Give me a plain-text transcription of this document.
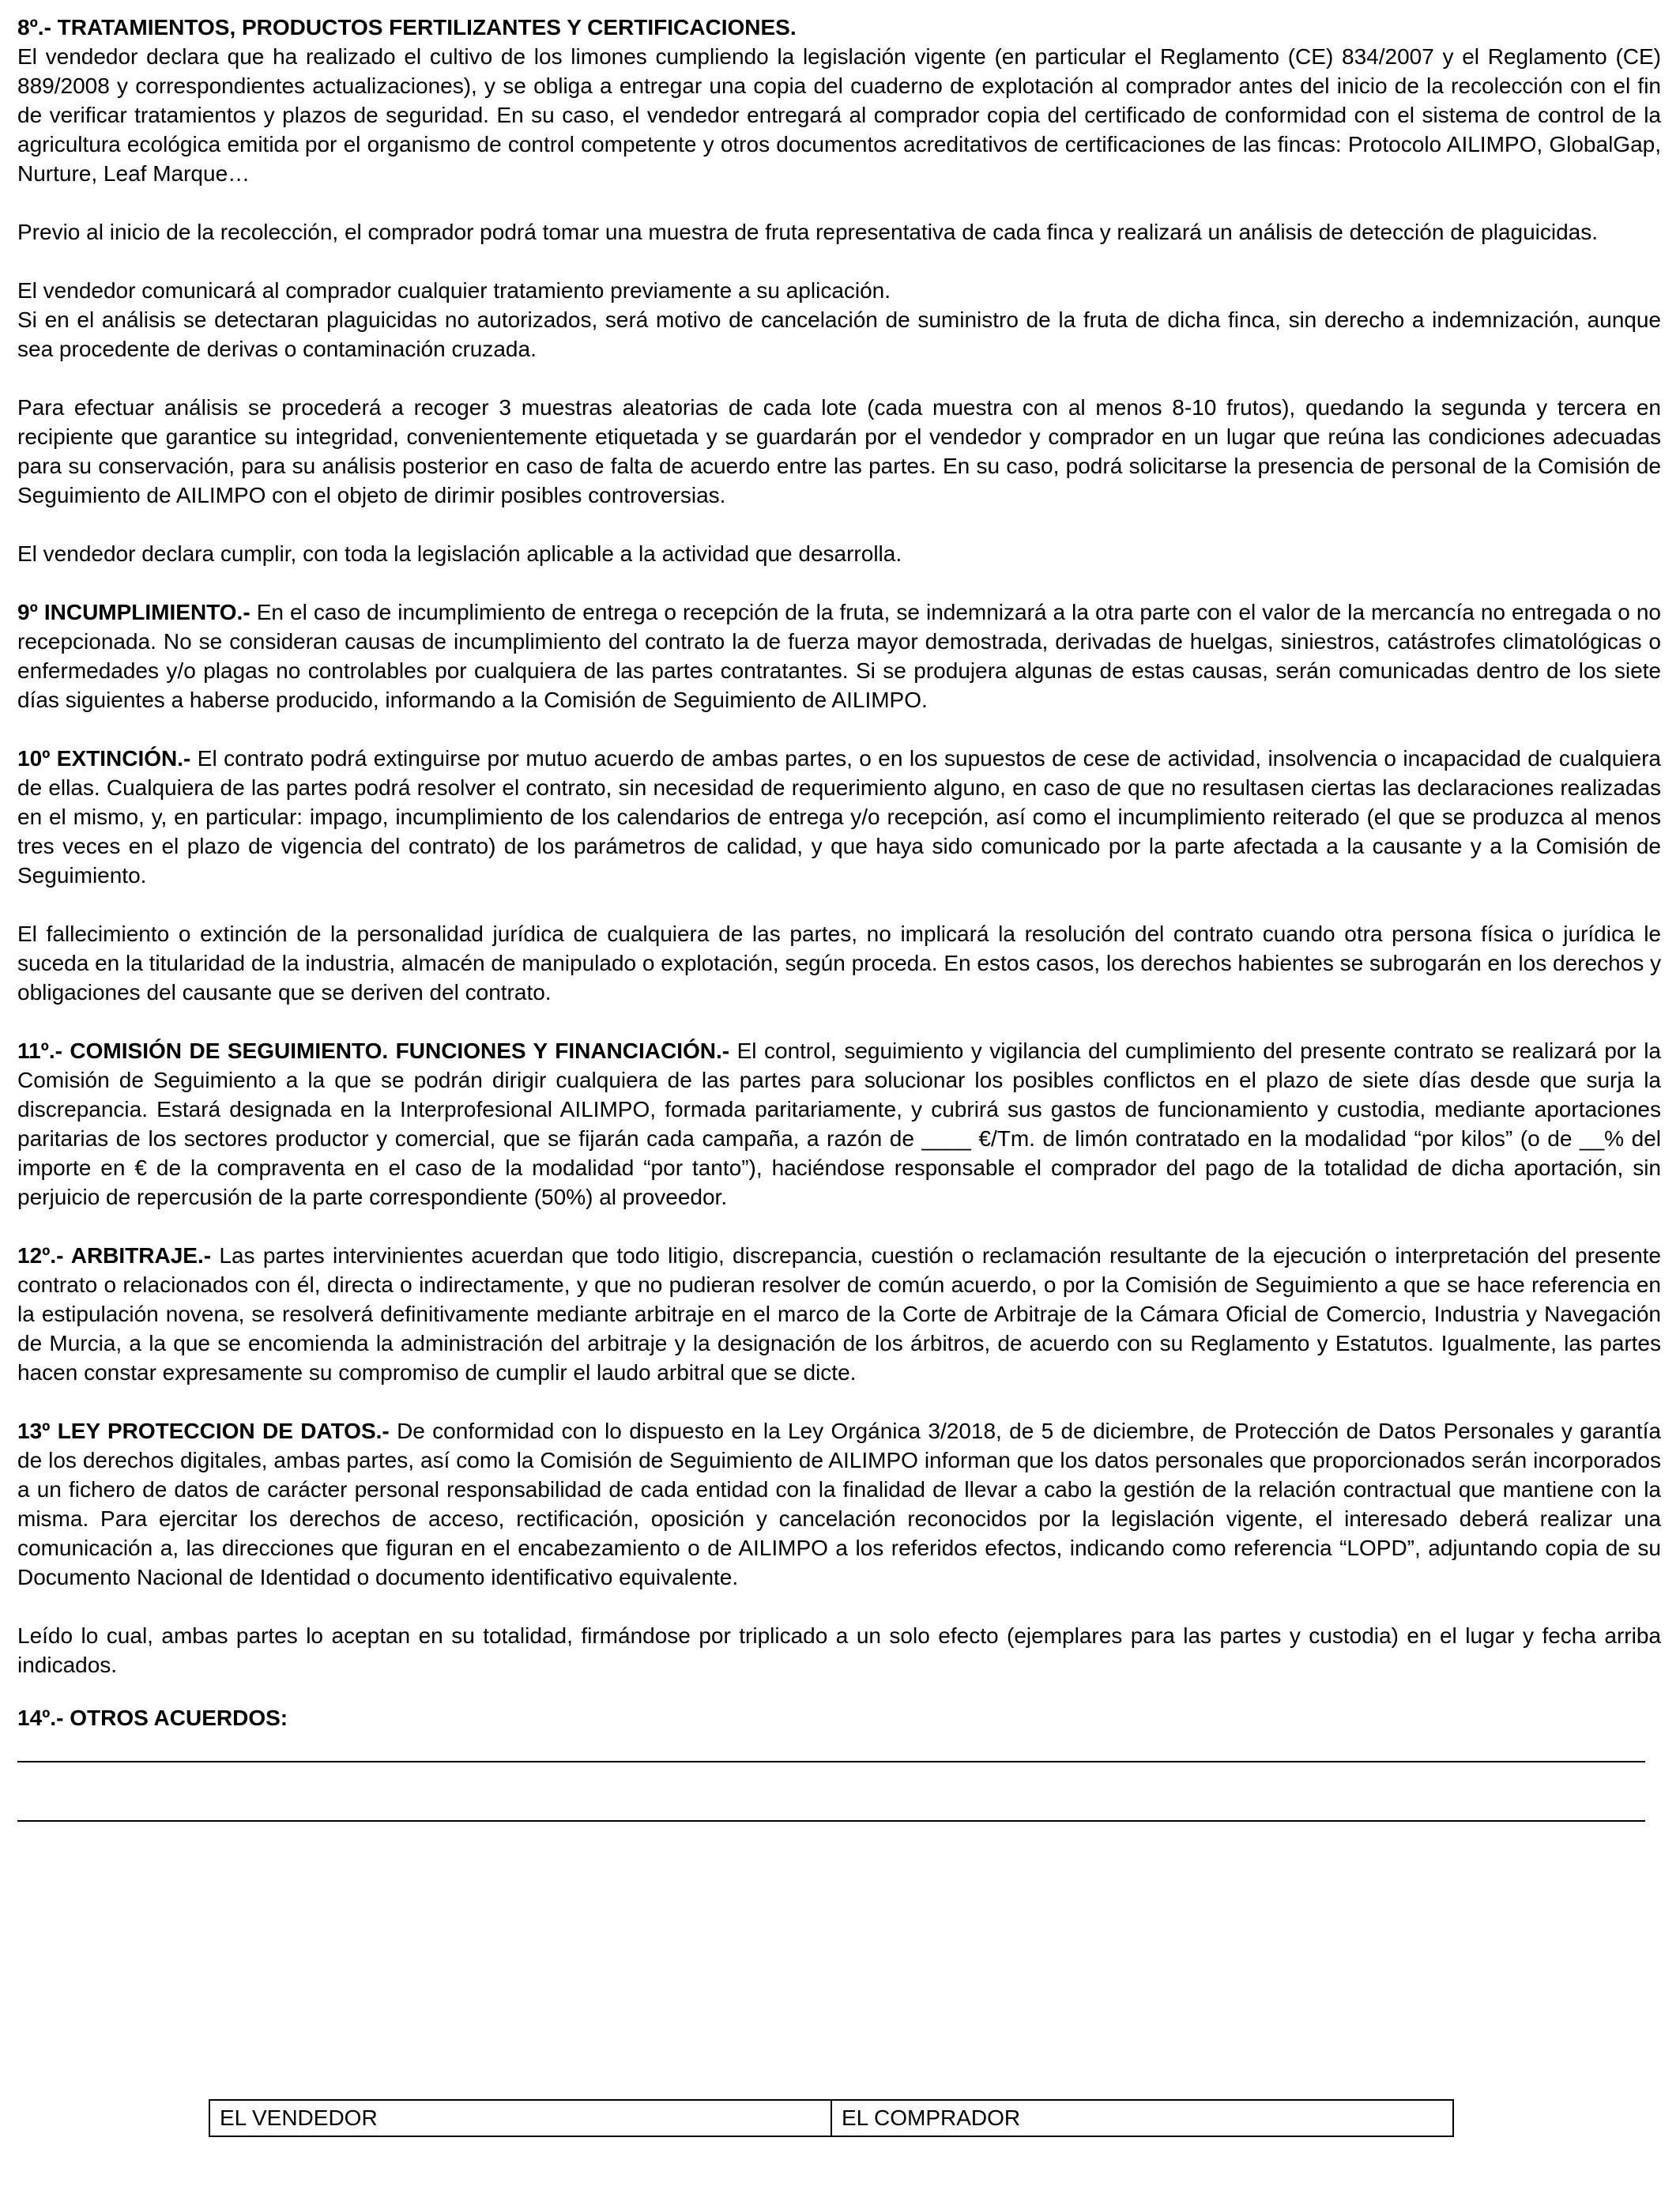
8º.- TRATAMIENTOS, PRODUCTOS FERTILIZANTES Y CERTIFICACIONES.

El vendedor declara que ha realizado el cultivo de los limones cumpliendo la legislación vigente (en particular el Reglamento (CE) 834/2007 y el Reglamento (CE) 889/2008 y correspondientes actualizaciones), y se obliga a entregar una copia del cuaderno de explotación al comprador antes del inicio de la recolección con el fin de verificar tratamientos y plazos de seguridad. En su caso, el vendedor entregará al comprador copia del certificado de conformidad con el sistema de control de la agricultura ecológica emitida por el organismo de control competente y otros documentos acreditativos de certificaciones de las fincas: Protocolo AILIMPO, GlobalGap, Nurture, Leaf Marque…

Previo al inicio de la recolección, el comprador podrá tomar una muestra de fruta representativa de cada finca y realizará un análisis de detección de plaguicidas.

El vendedor comunicará al comprador cualquier tratamiento previamente a su aplicación.

Si en el análisis se detectaran plaguicidas no autorizados, será motivo de cancelación de suministro de la fruta de dicha finca, sin derecho a indemnización, aunque sea procedente de derivas o contaminación cruzada.

Para efectuar análisis se procederá a recoger 3 muestras aleatorias de cada lote (cada muestra con al menos 8-10 frutos), quedando la segunda y tercera en recipiente que garantice su integridad, convenientemente etiquetada y se guardarán por el vendedor y comprador en un lugar que reúna las condiciones adecuadas para su conservación, para su análisis posterior en caso de falta de acuerdo entre las partes. En su caso, podrá solicitarse la presencia de personal de la Comisión de Seguimiento de AILIMPO con el objeto de dirimir posibles controversias.

El vendedor declara cumplir, con toda la legislación aplicable a la actividad que desarrolla.

9º INCUMPLIMIENTO.- En el caso de incumplimiento de entrega o recepción de la fruta, se indemnizará a la otra parte con el valor de la mercancía no entregada o no recepcionada. No se consideran causas de incumplimiento del contrato la de fuerza mayor demostrada, derivadas de huelgas, siniestros, catástrofes climatológicas o enfermedades y/o plagas no controlables por cualquiera de las partes contratantes. Si se produjera algunas de estas causas, serán comunicadas dentro de los siete días siguientes a haberse producido, informando a la Comisión de Seguimiento de AILIMPO.

10º EXTINCIÓN.- El contrato podrá extinguirse por mutuo acuerdo de ambas partes, o en los supuestos de cese de actividad, insolvencia o incapacidad de cualquiera de ellas. Cualquiera de las partes podrá resolver el contrato, sin necesidad de requerimiento alguno, en caso de que no resultasen ciertas las declaraciones realizadas en el mismo, y, en particular: impago, incumplimiento de los calendarios de entrega y/o recepción, así como el incumplimiento reiterado (el que se produzca al menos tres veces en el plazo de vigencia del contrato) de los parámetros de calidad, y que haya sido comunicado por la parte afectada a la causante y a la Comisión de Seguimiento.

El fallecimiento o extinción de la personalidad jurídica de cualquiera de las partes, no implicará la resolución del contrato cuando otra persona física o jurídica le suceda en la titularidad de la industria, almacén de manipulado o explotación, según proceda. En estos casos, los derechos habientes se subrogarán en los derechos y obligaciones del causante que se deriven del contrato.

11º.- COMISIÓN DE SEGUIMIENTO. FUNCIONES Y FINANCIACIÓN.- El control, seguimiento y vigilancia del cumplimiento del presente contrato se realizará por la Comisión de Seguimiento a la que se podrán dirigir cualquiera de las partes para solucionar los posibles conflictos en el plazo de siete días desde que surja la discrepancia. Estará designada en la Interprofesional AILIMPO, formada paritariamente, y cubrirá sus gastos de funcionamiento y custodia, mediante aportaciones paritarias de los sectores productor y comercial, que se fijarán cada campaña, a razón de ____ €/Tm. de limón contratado en la modalidad “por kilos” (o de __% del importe en € de la compraventa en el caso de la modalidad “por tanto”), haciéndose responsable el comprador del pago de la totalidad de dicha aportación, sin perjuicio de repercusión de la parte correspondiente (50%) al proveedor.

12º.- ARBITRAJE.- Las partes intervinientes acuerdan que todo litigio, discrepancia, cuestión o reclamación resultante de la ejecución o interpretación del presente contrato o relacionados con él, directa o indirectamente, y que no pudieran resolver de común acuerdo, o por la Comisión de Seguimiento a que se hace referencia en la estipulación novena, se resolverá definitivamente mediante arbitraje en el marco de la Corte de Arbitraje de la Cámara Oficial de Comercio, Industria y Navegación de Murcia, a la que se encomienda la administración del arbitraje y la designación de los árbitros, de acuerdo con su Reglamento y Estatutos. Igualmente, las partes hacen constar expresamente su compromiso de cumplir el laudo arbitral que se dicte.

13º LEY PROTECCION DE DATOS.- De conformidad con lo dispuesto en la Ley Orgánica 3/2018, de 5 de diciembre, de Protección de Datos Personales y garantía de los derechos digitales, ambas partes, así como la Comisión de Seguimiento de AILIMPO informan que los datos personales que proporcionados serán incorporados a un fichero de datos de carácter personal responsabilidad de cada entidad con la finalidad de llevar a cabo la gestión de la relación contractual que mantiene con la misma. Para ejercitar los derechos de acceso, rectificación, oposición y cancelación reconocidos por la legislación vigente, el interesado deberá realizar una comunicación a, las direcciones que figuran en el encabezamiento o de AILIMPO a los referidos efectos, indicando como referencia “LOPD”, adjuntando copia de su Documento Nacional de Identidad o documento identificativo equivalente.

Leído lo cual, ambas partes lo aceptan en su totalidad, firmándose por triplicado a un solo efecto (ejemplares para las partes y custodia) en el lugar y fecha arriba indicados.

14º.- OTROS ACUERDOS:

EL VENDEDOR	EL COMPRADOR
